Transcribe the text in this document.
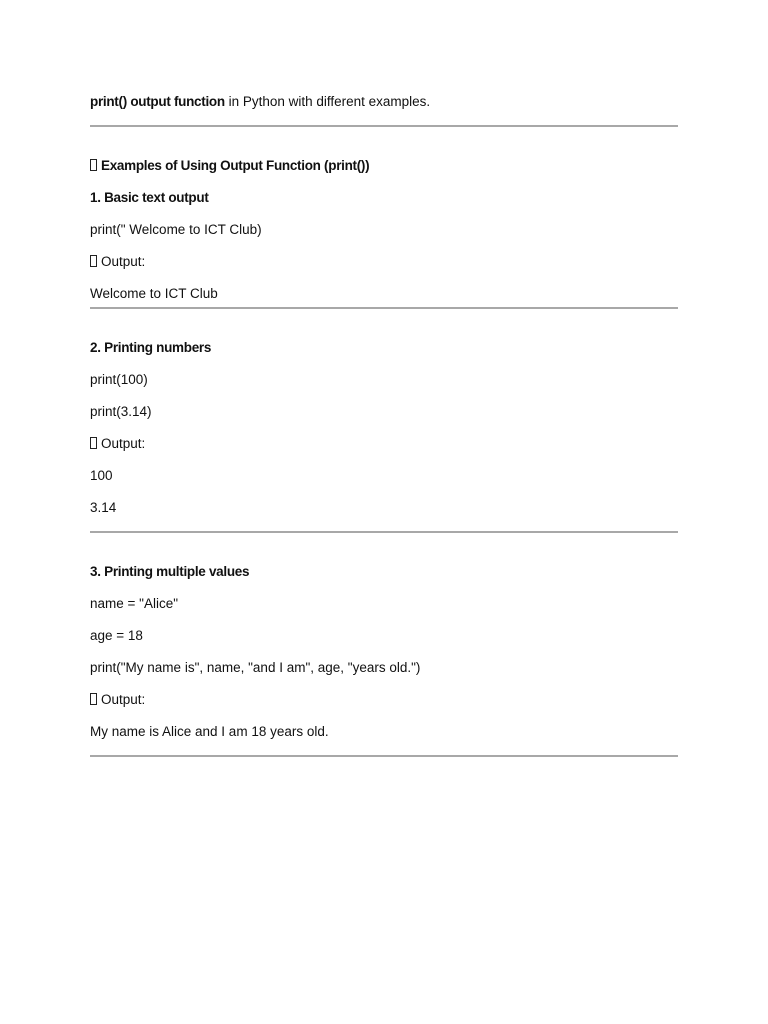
print() output function in Python with different examples.
Examples of Using Output Function (print())
1. Basic text output
print(" Welcome to ICT Club)
Output:
Welcome to ICT Club
2. Printing numbers
print(100)
print(3.14)
Output:
100
3.14
3. Printing multiple values
name = "Alice"
age = 18
print("My name is", name, "and I am", age, "years old.")
Output:
My name is Alice and I am 18 years old.
